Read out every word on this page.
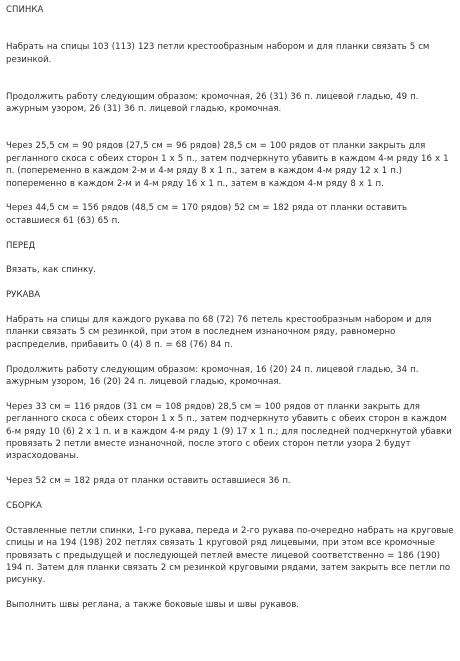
СПИНКА

Набрать на спицы 103 (113) 123 петли крестообразным набором и для планки связать 5 см резинкой.

Продолжить работу следующим образом: кромочная, 26 (31) 36 п. лицевой гладью, 49 п. ажурным узором, 26 (31) 36 п. лицевой гладью, кромочная.

Через 25,5 см = 90 рядов (27,5 см = 96 рядов) 28,5 см = 100 рядов от планки закрыть для регланного скоса с обеих сторон 1 х 5 п., затем подчеркнуто убавить в каждом 4-м ряду 16 х 1 п. (попеременно в каждом 2-м и 4-м ряду 8 х 1 п., затем в каждом 4-м ряду 12 х 1 п.) попеременно в каждом 2-м и 4-м ряду 16 х 1 п., затем в каждом 4-м ряду 8 х 1 п.

Через 44,5 см = 156 рядов (48,5 см = 170 рядов) 52 см = 182 ряда от планки оставить оставшиеся 61 (63) 65 п.

ПЕРЕД

Вязать, как спинку.

РУКАВА

Набрать на спицы для каждого рукава по 68 (72) 76 петель крестообразным набором и для планки связать 5 см резинкой, при этом в последнем изнаночном ряду, равномерно распределив, прибавить 0 (4) 8 п. = 68 (76) 84 п.

Продолжить работу следующим образом: кромочная, 16 (20) 24 п. лицевой гладью, 34 п. ажурным узором, 16 (20) 24 п. лицевой гладью, кромочная.

Через 33 см = 116 рядов (31 см = 108 рядов) 28,5 см = 100 рядов от планки закрыть для регланного скоса с обеих сторон 1 х 5 п., затем подчеркнуто убавить с обеих сторон в каждом 6-м ряду 10 (6) 2 х 1 п. и в каждом 4-м ряду 1 (9) 17 х 1 п.; для последней подчеркнутой убавки провязать 2 петли вместе изнаночной, после этого с обеих сторон петли узора 2 будут израсходованы.

Через 52 см = 182 ряда от планки оставить оставшиеся 36 п.

СБОРКА

Оставленные петли спинки, 1-го рукава, переда и 2-го рукава по-очередно набрать на круговые спицы и на 194 (198) 202 петлях связать 1 круговой ряд лицевыми, при этом все кромочные провязать с предыдущей и последующей петлей вместе лицевой соответственно = 186 (190) 194 п. Затем для планки связать 2 см резинкой круговыми рядами, затем закрыть все петли по рисунку.

Выполнить швы реглана, а также боковые швы и швы рукавов.
